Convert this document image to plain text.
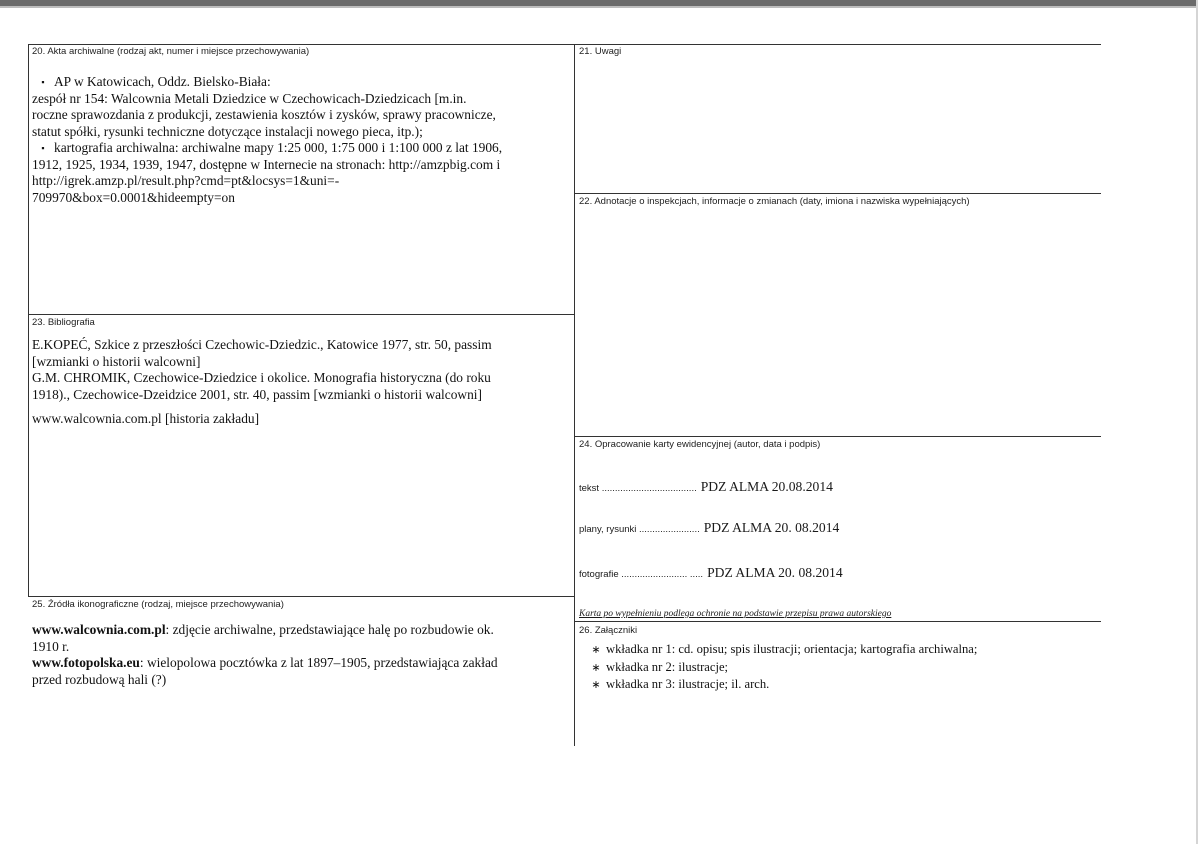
20. Akta archiwalne (rodzaj akt, numer i miejsce przechowywania)

▪ AP w Katowicach, Oddz. Bielsko-Biała:

zespół nr 154: Walcownia Metali Dziedzice w Czechowicach-Dziedzicach [m.in.

roczne sprawozdania z produkcji, zestawienia kosztów i zysków, sprawy pracownicze,

statut spółki, rysunki techniczne dotyczące instalacji nowego pieca, itp.);

▪ kartografia archiwalna: archiwalne mapy 1:25 000, 1:75 000 i 1:100 000 z lat 1906,

1912, 1925, 1934, 1939, 1947, dostępne w Internecie na stronach: http://amzpbig.com i

http://igrek.amzp.pl/result.php?cmd=pt&locsys=1&uni=-

709970&box=0.0001&hideempty=on

21. Uwagi
22. Adnotacje o inspekcjach, informacje o zmianach (daty, imiona i nazwiska wypełniających)
23. Bibliografia

E.KOPEĆ, Szkice z przeszłości Czechowic-Dziedzic., Katowice 1977, str. 50, passim

[wzmianki o historii walcowni]

G.M. CHROMIK, Czechowice-Dziedzice i okolice. Monografia historyczna (do roku

1918)., Czechowice-Dzeidzice 2001, str. 40, passim [wzmianki o historii walcowni]

www.walcownia.com.pl [historia zakładu]

24. Opracowanie karty ewidencyjnej (autor, data i podpis)
tekst .................................... PDZ ALMA 20.08.2014
plany, rysunki ....................... PDZ ALMA 20. 08.2014
fotografie ......................... ..... PDZ ALMA 20. 08.2014
Karta po wypełnieniu podlega ochronie na podstawie przepisu prawa autorskiego
25. Źródła ikonograficzne (rodzaj, miejsce przechowywania)

www.walcownia.com.pl: zdjęcie archiwalne, przedstawiające halę po rozbudowie ok.

1910 r.

www.fotopolska.eu: wielopolowa pocztówka z lat 1897–1905, przedstawiająca zakład

przed rozbudową hali (?)

26. Załączniki

∗ wkładka nr 1: cd. opisu; spis ilustracji; orientacja; kartografia archiwalna;

∗ wkładka nr 2: ilustracje;

∗ wkładka nr 3: ilustracje; il. arch.
